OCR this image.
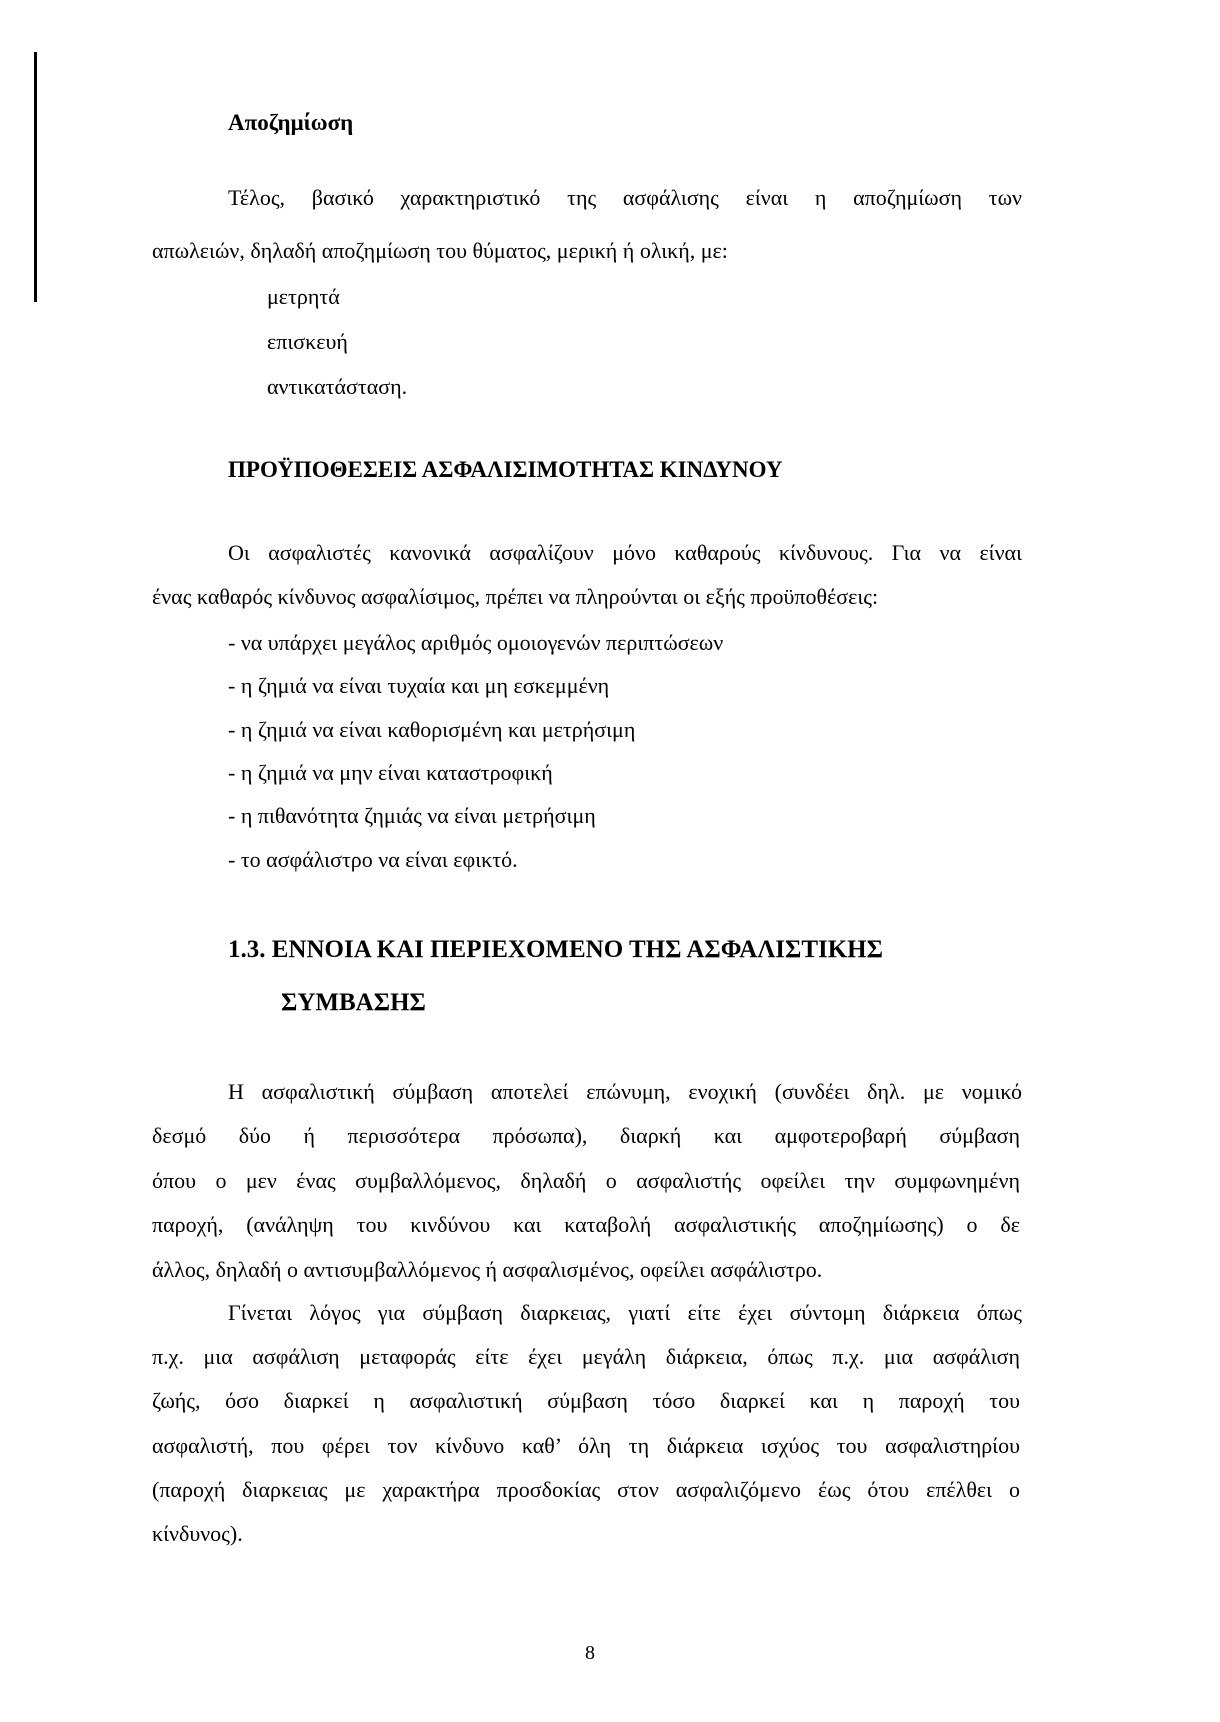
Αποζημίωση
Τέλος, βασικό χαρακτηριστικό της ασφάλισης είναι η αποζημίωση των
απωλειών, δηλαδή αποζημίωση του θύματος, μερική ή ολική, με:
μετρητά
επισκευή
αντικατάσταση.
ΠΡΟΫΠΟΘΕΣΕΙΣ ΑΣΦΑΛΙΣΙΜΟΤΗΤΑΣ ΚΙΝΔΥΝΟΥ
Οι ασφαλιστές κανονικά ασφαλίζουν μόνο καθαρούς κίνδυνους. Για να είναι
ένας καθαρός κίνδυνος ασφαλίσιμος, πρέπει να πληρούνται οι εξής προϋποθέσεις:
- να υπάρχει μεγάλος αριθμός ομοιογενών περιπτώσεων
- η ζημιά να είναι τυχαία και μη εσκεμμένη
- η ζημιά να είναι καθορισμένη και μετρήσιμη
- η ζημιά να μην είναι καταστροφική
- η πιθανότητα ζημιάς να είναι μετρήσιμη
- το ασφάλιστρο να είναι εφικτό.
1.3. ΕΝΝΟΙΑ ΚΑΙ ΠΕΡΙΕΧΟΜΕΝΟ ΤΗΣ ΑΣΦΑΛΙΣΤΙΚΗΣ
ΣΥΜΒΑΣΗΣ
Η ασφαλιστική σύμβαση αποτελεί επώνυμη, ενοχική (συνδέει δηλ. με νομικό
δεσμό δύο ή περισσότερα πρόσωπα), διαρκή και αμφοτεροβαρή σύμβαση
όπου ο μεν ένας συμβαλλόμενος, δηλαδή ο ασφαλιστής οφείλει την συμφωνημένη
παροχή, (ανάληψη του κινδύνου και καταβολή ασφαλιστικής αποζημίωσης) ο δε
άλλος, δηλαδή ο αντισυμβαλλόμενος ή ασφαλισμένος, οφείλει ασφάλιστρο.
Γίνεται λόγος για σύμβαση διαρκειας, γιατί είτε έχει σύντομη διάρκεια όπως
π.χ. μια ασφάλιση μεταφοράς είτε έχει μεγάλη διάρκεια, όπως π.χ. μια ασφάλιση
ζωής, όσο διαρκεί η ασφαλιστική σύμβαση τόσο διαρκεί και η παροχή του
ασφαλιστή, που φέρει τον κίνδυνο καθ’ όλη τη διάρκεια ισχύος του ασφαλιστηρίου
(παροχή διαρκειας με χαρακτήρα προσδοκίας στον ασφαλιζόμενο έως ότου επέλθει ο
κίνδυνος).
8
